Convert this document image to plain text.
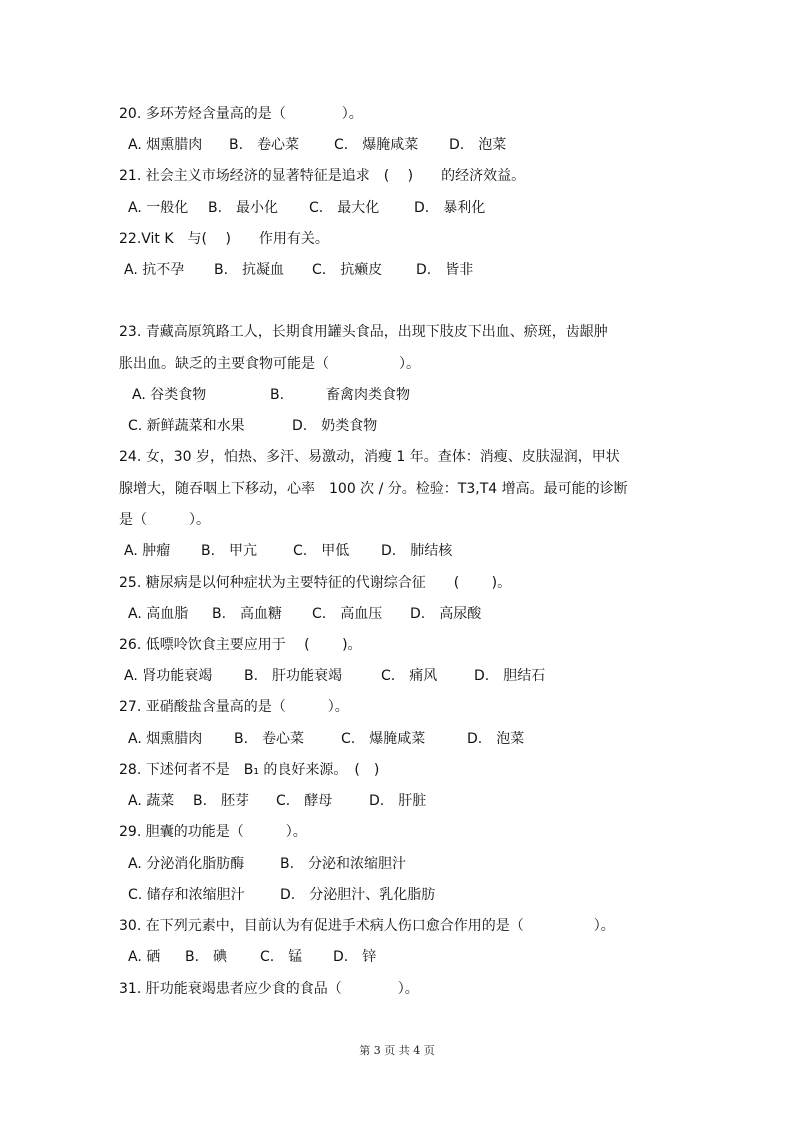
20. 多环芳烃含量高的是（　　　　）。

A. 烟熏腊肉

B.　卷心菜

C.　爆腌咸菜

D.　泡菜

21. 社会主义市场经济的显著特征是追求　(　 )　　的经济效益。

A. 一般化

B.　最小化

C.　最大化

D.　暴利化

22.Vit K　与(　 )　　作用有关。

A. 抗不孕

B.　抗凝血

C.　抗癞皮

D.　皆非

23. 青藏高原筑路工人，长期食用罐头食品，出现下肢皮下出血、瘀斑，齿龈肿
胀出血。缺乏的主要食物可能是（　　　　　）。

A. 谷类食物

	B.　　　畜禽肉类食物

C. 新鲜蔬菜和水果

	D.　奶类食物

24. 女，30 岁，怕热、多汗、易激动，消瘦 1 年。查体：消瘦、皮肤湿润，甲状
腺增大，随吞咽上下移动，心率　100 次 / 分。检验：T3,T4 增高。最可能的诊断
是（　　　）。

A. 肿瘤

B.　甲亢

	C.　甲低

D.　肺结核

25. 糖尿病是以何种症状为主要特征的代谢综合征　　(　　 )。

A. 高血脂

B.　高血糖

C.　高血压

D.　高尿酸

26. 低嘌呤饮食主要应用于　 (　　 )。

A. 肾功能衰竭

B.　肝功能衰竭

	C.　痛风

	D.　胆结石

27. 亚硝酸盐含量高的是（　　　）。

A. 烟熏腊肉

B.　卷心菜

	C.　爆腌咸菜

	D.　泡菜

28. 下述何者不是　B₁ 的良好来源。　(　)

A. 蔬菜

B.　胚芽

C.　酵母

	D.　肝脏

29. 胆囊的功能是（　　　）。

A. 分泌消化脂肪酶

	B.　分泌和浓缩胆汁

C. 储存和浓缩胆汁

	D.　分泌胆汁、乳化脂肪

30. 在下列元素中，目前认为有促进手术病人伤口愈合作用的是（　　　　　）。

A. 硒

B.　碘

C.　锰

D.　锌

31. 肝功能衰竭患者应少食的食品（　　　　）。
第 3 页 共 4 页
